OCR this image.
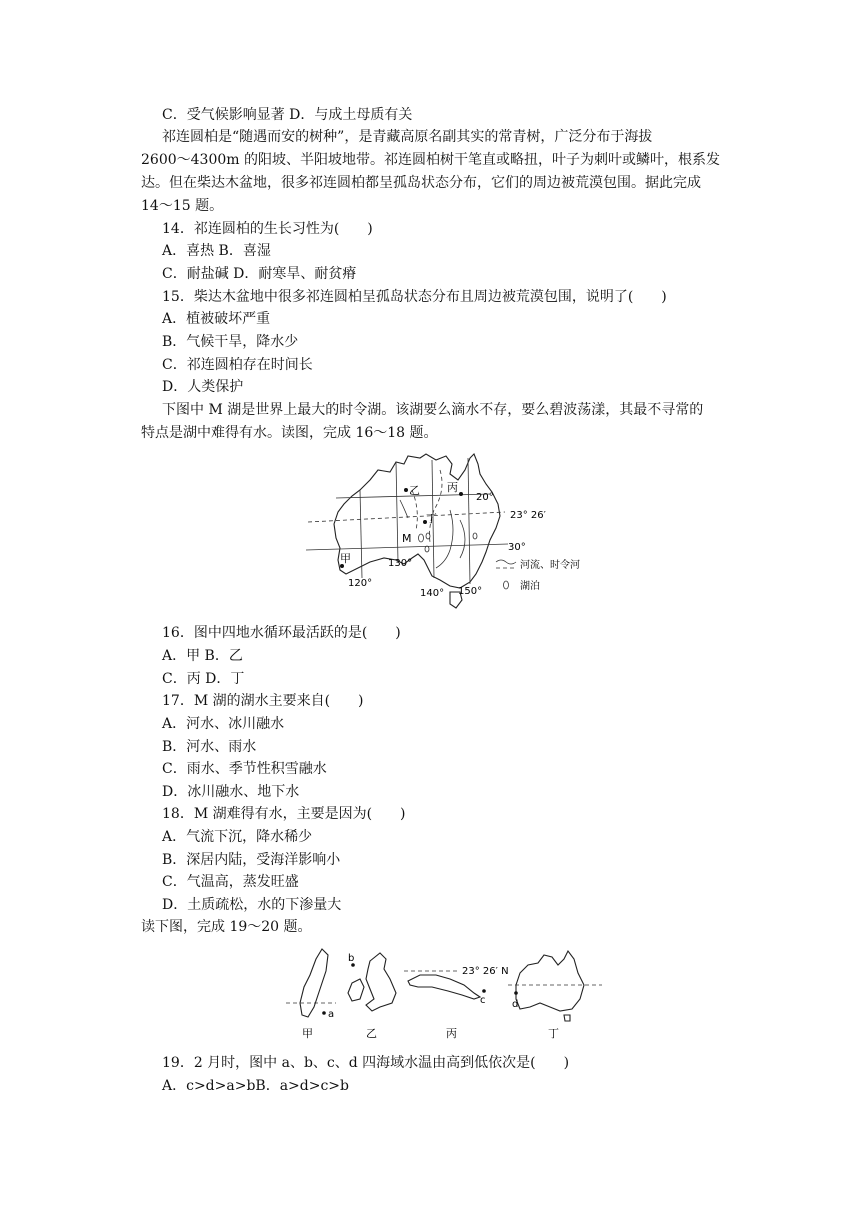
C．受气候影响显著 D．与成土母质有关
祁连圆柏是“随遇而安的树种”，是青藏高原名副其实的常青树，广泛分布于海拔
2600～4300m 的阳坡、半阳坡地带。祁连圆柏树干笔直或略扭，叶子为刺叶或鳞叶，根系发
达。但在柴达木盆地，很多祁连圆柏都呈孤岛状态分布，它们的周边被荒漠包围。据此完成
14～15 题。
14．祁连圆柏的生长习性为(　　)
A．喜热 B．喜湿
C．耐盐碱 D．耐寒旱、耐贫瘠
15．柴达木盆地中很多祁连圆柏呈孤岛状态分布且周边被荒漠包围，说明了(　　)
A．植被破坏严重
B．气候干旱，降水少
C．祁连圆柏存在时间长
D．人类保护
下图中 M 湖是世界上最大的时令湖。该湖要么滴水不存，要么碧波荡漾，其最不寻常的
特点是湖中难得有水。读图，完成 16～18 题。
乙 丙
丁
甲
M
20°
23° 26′
30°
120°
130°
140° 150°
河流、时令河
湖泊
16．图中四地水循环最活跃的是(　　)
A．甲 B．乙
C．丙 D．丁
17．M 湖的湖水主要来自(　　)
A．河水、冰川融水
B．河水、雨水
C．雨水、季节性积雪融水
D．冰川融水、地下水
18．M 湖难得有水，主要是因为(　　)
A．气流下沉，降水稀少
B．深居内陆，受海洋影响小
C．气温高，蒸发旺盛
D．土质疏松，水的下渗量大
读下图，完成 19～20 题。
a
甲
b
乙
23° 26′ N
c
丙
d
丁
19．2 月时，图中 a、b、c、d 四海域水温由高到低依次是(　　)
A．c>d>a>bB．a>d>c>b
